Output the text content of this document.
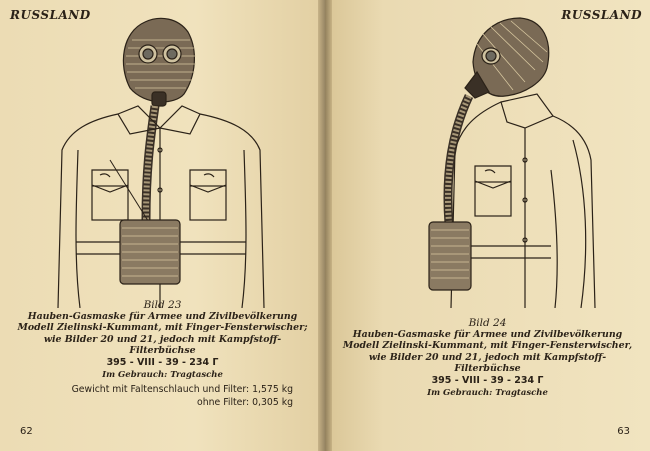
RUSSLAND
Bild 23
Hauben-Gasmaske für Armee und Zivilbevölkerung Modell Zielinski-Kummant, mit Finger-Fensterwischer; wie Bilder 20 und 21, jedoch mit Kampfstoff-Filterbüchse
395 - VIII - 39 - 234 Г
Im Gebrauch: Tragtasche
Gewicht mit Faltenschlauch und Filter: 1,575 kg
ohne Filter: 0,305 kg
62
RUSSLAND
Bild 24
Hauben-Gasmaske für Armee und Zivilbevölkerung Modell Zielinski-Kummant, mit Finger-Fensterwischer, wie Bilder 20 und 21, jedoch mit Kampfstoff-Filterbüchse
395 - VIII - 39 - 234 Г
Im Gebrauch: Tragtasche
63
